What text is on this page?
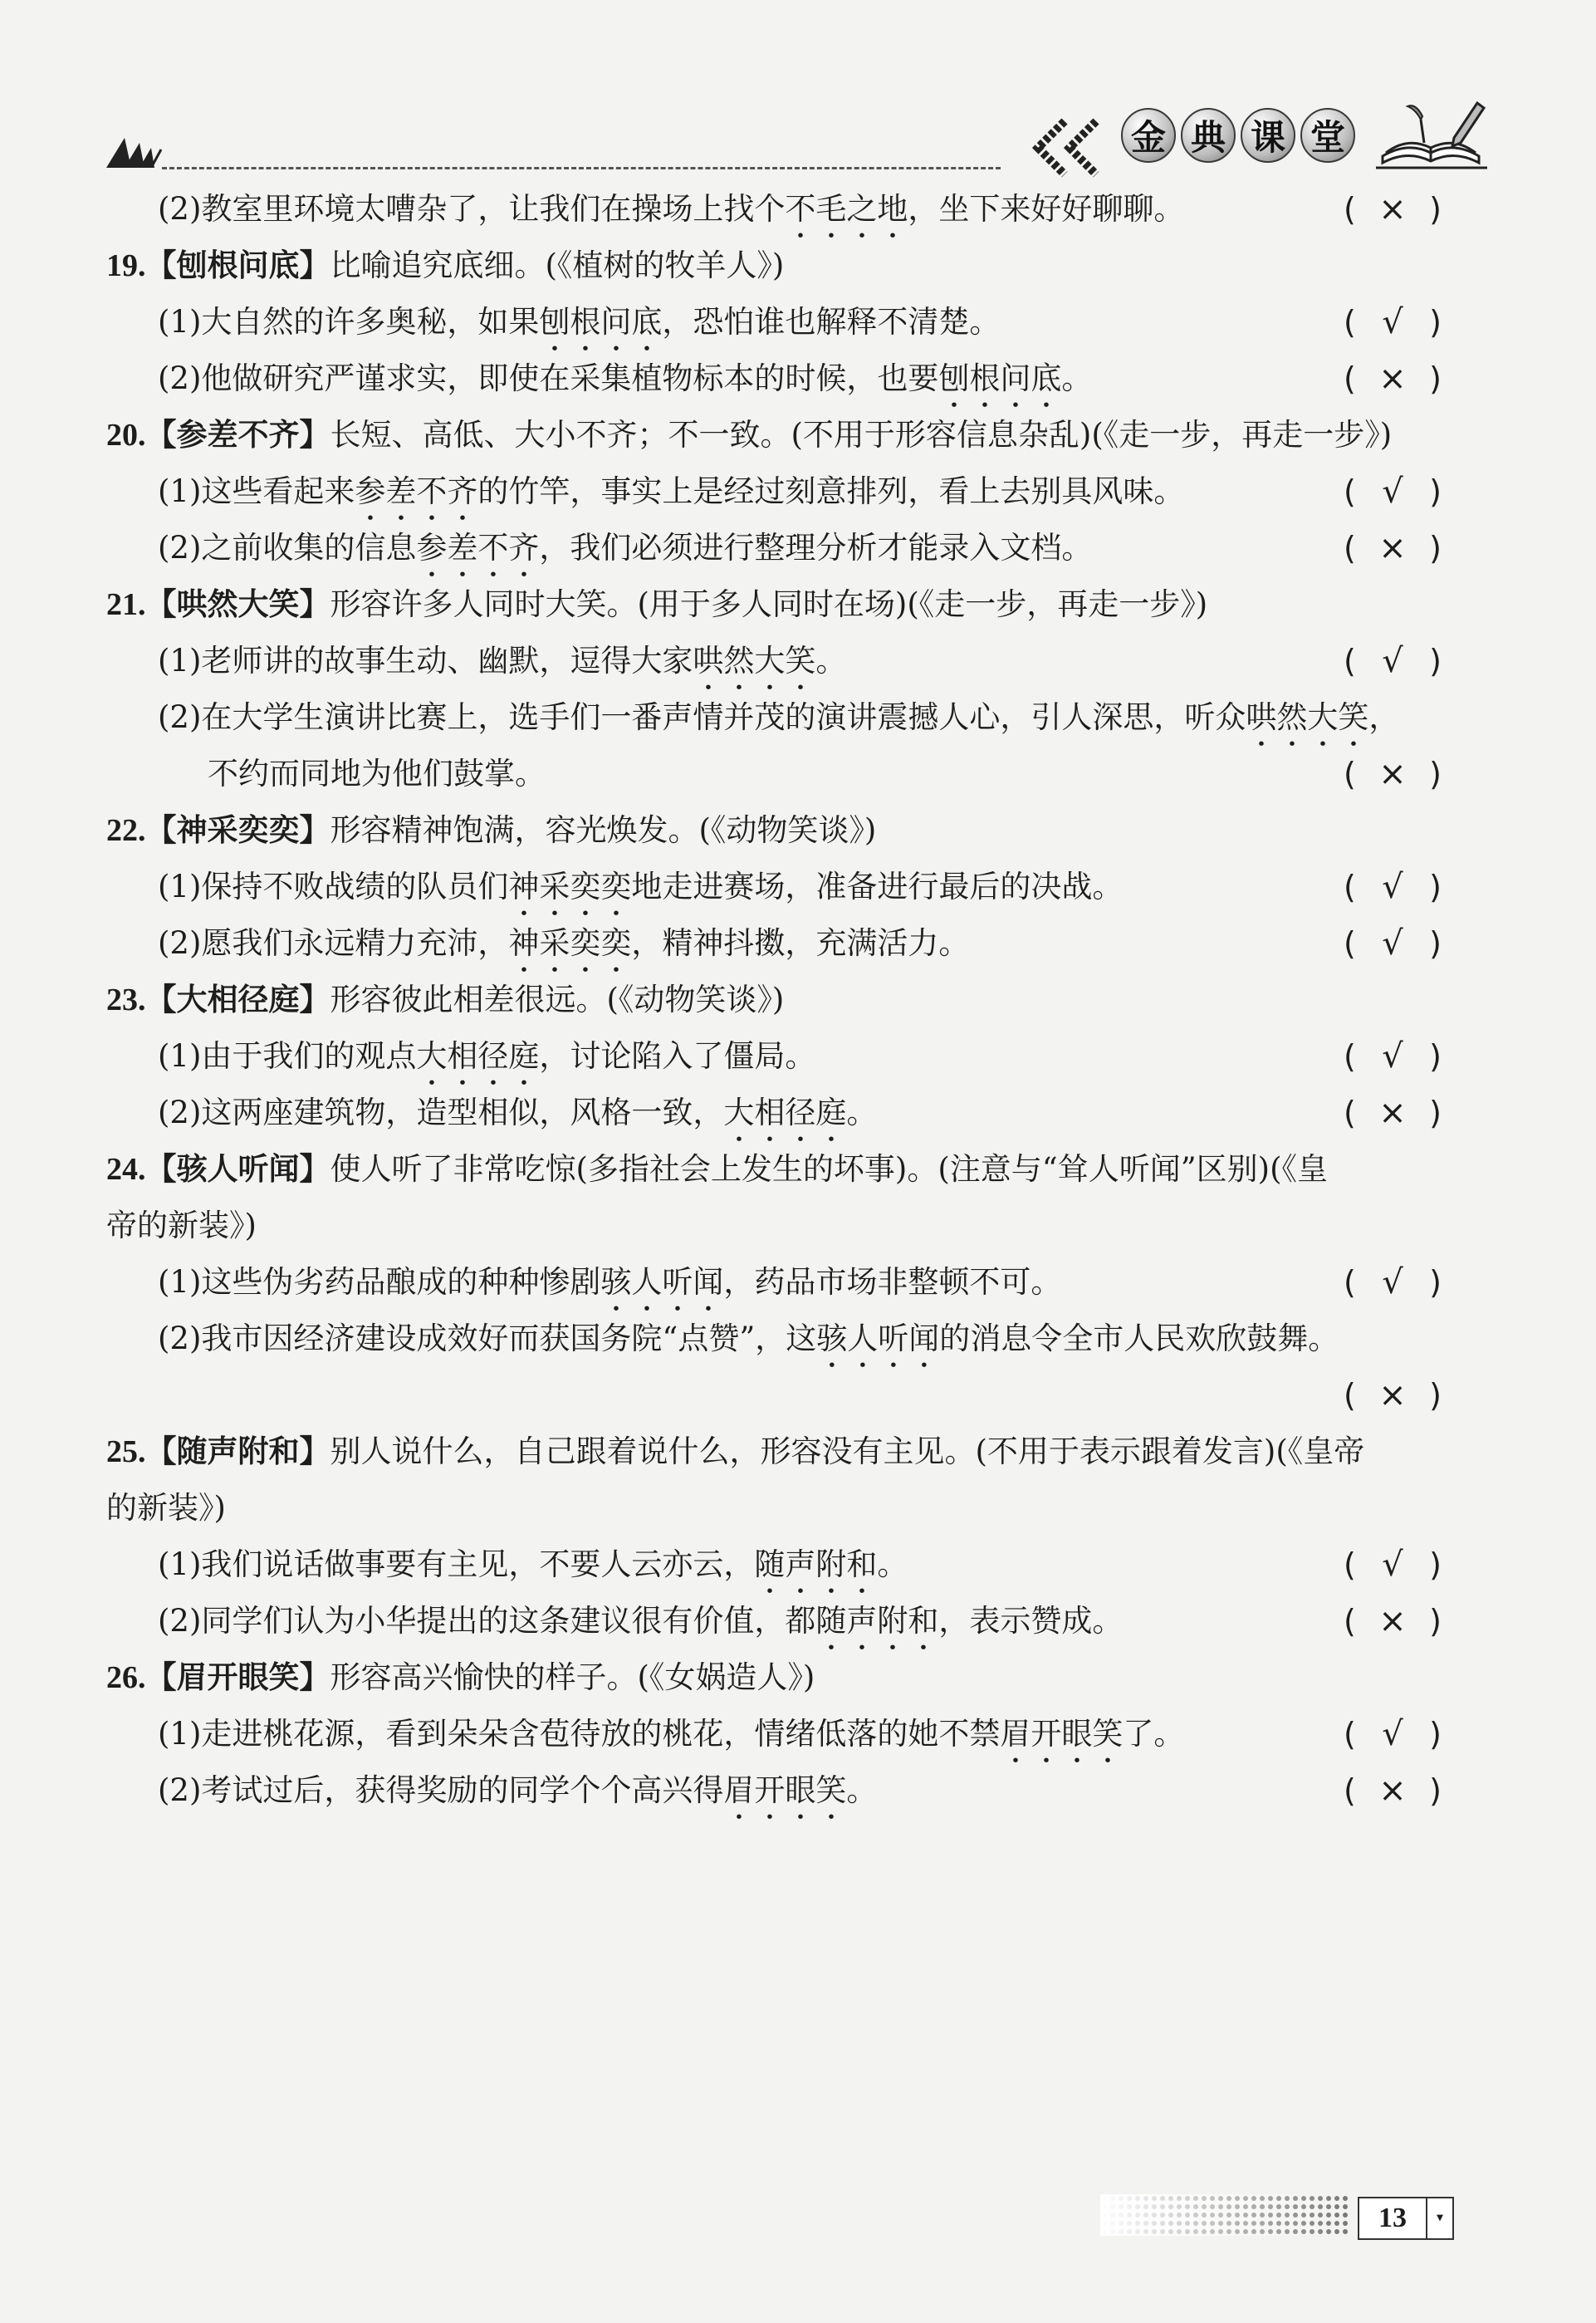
金 典 课 堂
(2)教室里环境太嘈杂了，让我们在操场上找个不毛之地，坐下来好好聊聊。	( × )
19.【刨根问底】比喻追究底细。(《植树的牧羊人》)
(1)大自然的许多奥秘，如果刨根问底，恐怕谁也解释不清楚。	( √ )
(2)他做研究严谨求实，即使在采集植物标本的时候，也要刨根问底。	( × )
20.【参差不齐】长短、高低、大小不齐；不一致。(不用于形容信息杂乱)(《走一步，再走一步》)
(1)这些看起来参差不齐的竹竿，事实上是经过刻意排列，看上去别具风味。	( √ )
(2)之前收集的信息参差不齐，我们必须进行整理分析才能录入文档。	( × )
21.【哄然大笑】形容许多人同时大笑。(用于多人同时在场)(《走一步，再走一步》)
(1)老师讲的故事生动、幽默，逗得大家哄然大笑。	( √ )
(2)在大学生演讲比赛上，选手们一番声情并茂的演讲震撼人心，引人深思，听众哄然大笑，
不约而同地为他们鼓掌。	( × )
22.【神采奕奕】形容精神饱满，容光焕发。(《动物笑谈》)
(1)保持不败战绩的队员们神采奕奕地走进赛场，准备进行最后的决战。	( √ )
(2)愿我们永远精力充沛，神采奕奕，精神抖擞，充满活力。	( √ )
23.【大相径庭】形容彼此相差很远。(《动物笑谈》)
(1)由于我们的观点大相径庭，讨论陷入了僵局。	( √ )
(2)这两座建筑物，造型相似，风格一致，大相径庭。	( × )
24.【骇人听闻】使人听了非常吃惊(多指社会上发生的坏事)。(注意与“耸人听闻”区别)(《皇
帝的新装》)
(1)这些伪劣药品酿成的种种惨剧骇人听闻，药品市场非整顿不可。	( √ )
(2)我市因经济建设成效好而获国务院“点赞”，这骇人听闻的消息令全市人民欢欣鼓舞。
( × )
25.【随声附和】别人说什么，自己跟着说什么，形容没有主见。(不用于表示跟着发言)(《皇帝
的新装》)
(1)我们说话做事要有主见，不要人云亦云，随声附和。	( √ )
(2)同学们认为小华提出的这条建议很有价值，都随声附和，表示赞成。	( × )
26.【眉开眼笑】形容高兴愉快的样子。(《女娲造人》)
(1)走进桃花源，看到朵朵含苞待放的桃花，情绪低落的她不禁眉开眼笑了。	( √ )
(2)考试过后，获得奖励的同学个个高兴得眉开眼笑。	( × )
13	▾
